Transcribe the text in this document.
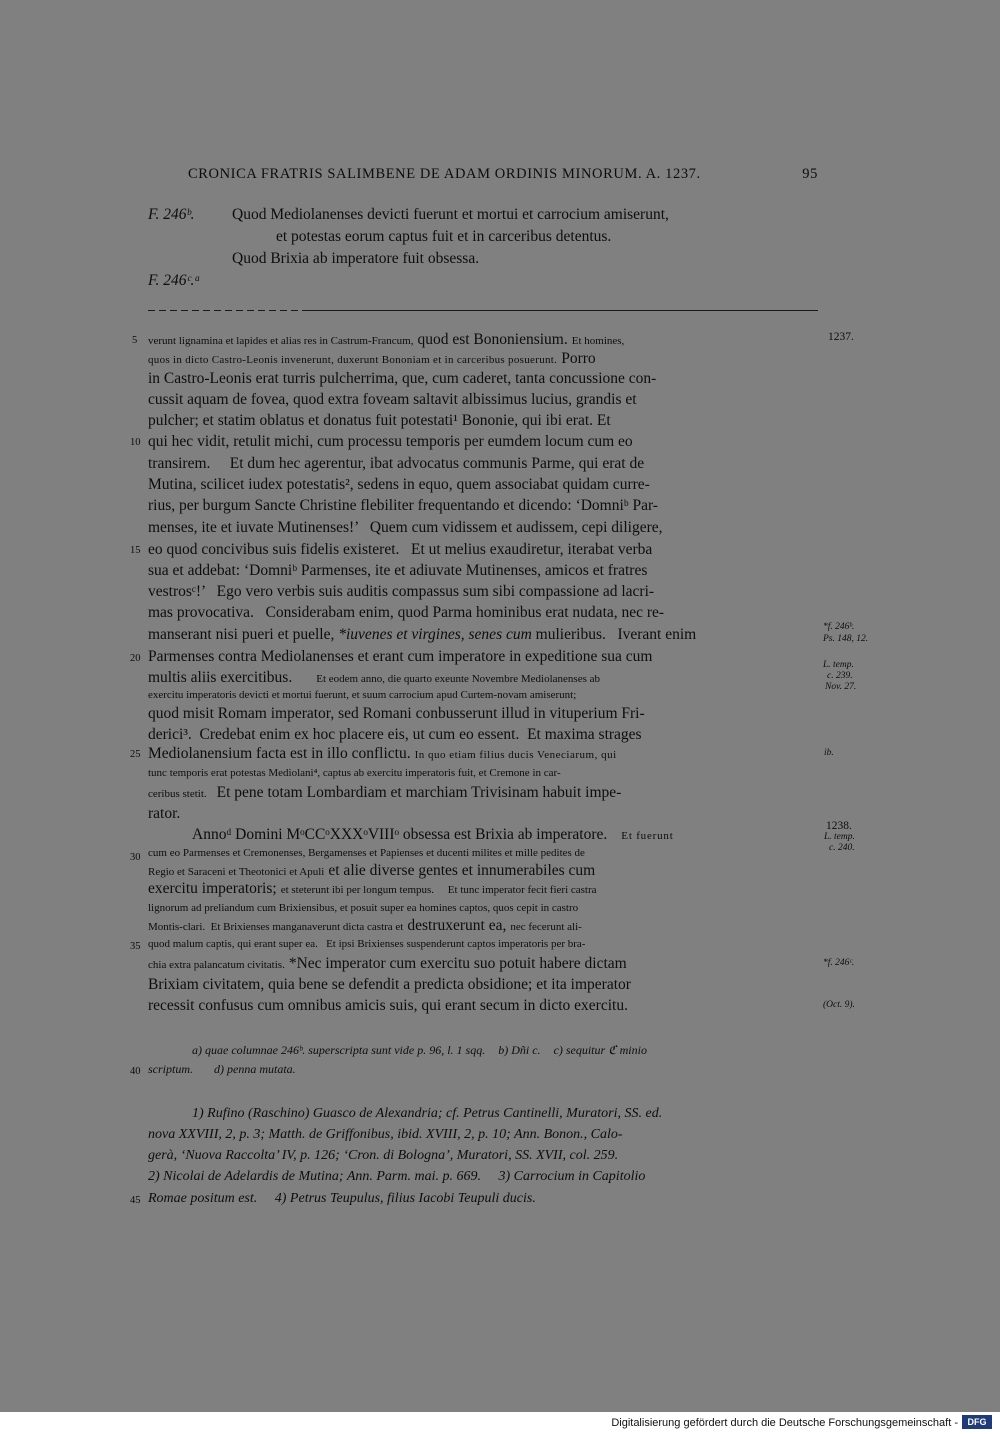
CRONICA FRATRIS SALIMBENE DE ADAM ORDINIS MINORUM. A. 1237.	95
F. 246ᵇ. Quod Mediolanenses devicti fuerunt et mortui et carrocium amiserunt,
et potestas eorum captus fuit et in carceribus detentus.
Quod Brixia ab imperatore fuit obsessa.
F. 246ᶜ.ᵃ
5
10
15
20
25
30
35
40
45
1237.
*f. 246ᵇ.
Ps. 148, 12.
L. temp.
c. 239.
Nov. 27.
ib.
1238.
L. temp.
c. 240.
*f. 246ᶜ.
(Oct. 9).
verunt lignamina et lapides et alias res in Castrum-Francum, quod est Bononiensium. Et homines,
quos in dicto Castro-Leonis invenerunt, duxerunt Bononiam et in carceribus posuerunt. Porro
in Castro-Leonis erat turris pulcherrima, que, cum caderet, tanta concussione con-
cussit aquam de fovea, quod extra foveam saltavit albissimus lucius, grandis et
pulcher; et statim oblatus et donatus fuit potestati¹ Bononie, qui ibi erat. Et
qui hec vidit, retulit michi, cum processu temporis per eumdem locum cum eo
transirem.     Et dum hec agerentur, ibat advocatus communis Parme, qui erat de
Mutina, scilicet iudex potestatis², sedens in equo, quem associabat quidam curre-
rius, per burgum Sancte Christine flebiliter frequentando et dicendo: ‘Domniᵇ Par-
menses, ite et iuvate Mutinenses!’   Quem cum vidissem et audissem, cepi diligere,
eo quod concivibus suis fidelis existeret.   Et ut melius exaudiretur, iterabat verba
sua et addebat: ‘Domniᵇ Parmenses, ite et adiuvate Mutinenses, amicos et fratres
vestrosᶜ!’   Ego vero verbis suis auditis compassus sum sibi compassione ad lacri-
mas provocativa.   Considerabam enim, quod Parma hominibus erat nudata, nec re-
manserant nisi pueri et puelle, *iuvenes et virgines, senes cum mulieribus.   Iverant enim
Parmenses contra Mediolanenses et erant cum imperatore in expeditione sua cum
multis aliis exercitibus. Et eodem anno, die quarto exeunte Novembre Mediolanenses ab
exercitu imperatoris devicti et mortui fuerunt, et suum carrocium apud Curtem-novam amiserunt;
quod misit Romam imperator, sed Romani conbusserunt illud in vituperium Fri-
derici³.  Credebat enim ex hoc placere eis, ut cum eo essent.  Et maxima strages
Mediolanensium facta est in illo conflictu. In quo etiam filius ducis Veneciarum, qui
tunc temporis erat potestas Mediolani⁴, captus ab exercitu imperatoris fuit, et Cremone in car-
ceribus stetit. Et pene totam Lombardiam et marchiam Trivisinam habuit impe-
rator.
Annoᵈ Domini MᵒCCᵒXXXᵒVIIIᵒ obsessa est Brixia ab imperatore. Et fuerunt
cum eo Parmenses et Cremonenses, Bergamenses et Papienses et ducenti milites et mille pedites de
Regio et Saraceni et Theotonici et Apuli et alie diverse gentes et innumerabiles cum
exercitu imperatoris; et steterunt ibi per longum tempus.     Et tunc imperator fecit fieri castra
lignorum ad preliandum cum Brixiensibus, et posuit super ea homines captos, quos cepit in castro
Montis-clari.  Et Brixienses manganaverunt dicta castra et destruxerunt ea, nec fecerunt ali-
quod malum captis, qui erant super ea.   Et ipsi Brixienses suspenderunt captos imperatoris per bra-
chia extra palancatum civitatis. *Nec imperator cum exercitu suo potuit habere dictam
Brixiam civitatem, quia bene se defendit a predicta obsidione; et ita imperator
recessit confusus cum omnibus amicis suis, qui erant secum in dicto exercitu.
a) quae columnae 246ᵇ. superscripta sunt vide p. 96, l. 1 sqq. b) Dñi c. c) sequitur ℭ minio
scriptum.       d) penna mutata.
1) Rufino (Raschino) Guasco de Alexandria; cf. Petrus Cantinelli, Muratori, SS. ed.
nova XXVIII, 2, p. 3; Matth. de Griffonibus, ibid. XVIII, 2, p. 10; Ann. Bonon., Calo-
gerà, ‘Nuova Raccolta’ IV, p. 126; ‘Cron. di Bologna’, Muratori, SS. XVII, col. 259.
2) Nicolai de Adelardis de Mutina; Ann. Parm. mai. p. 669.     3) Carrocium in Capitolio
Romae positum est.     4) Petrus Teupulus, filius Iacobi Teupuli ducis.
Digitalisierung gefördert durch die Deutsche Forschungsgemeinschaft -	DFG
